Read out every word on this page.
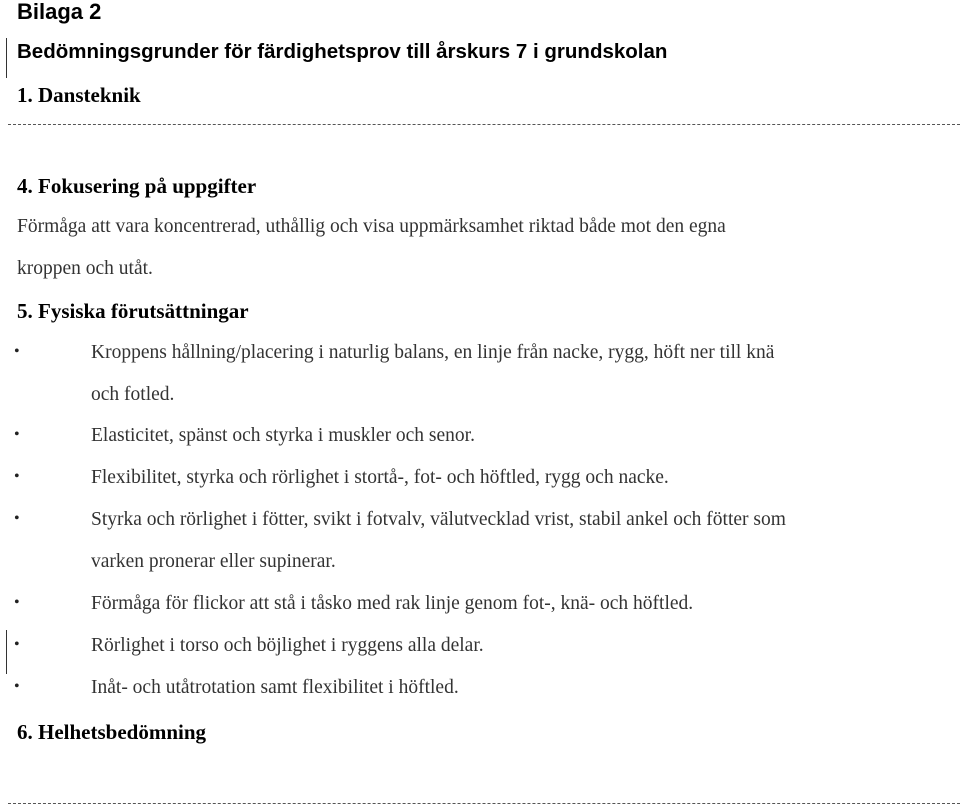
Bilaga 2
Bedömningsgrunder för färdighetsprov till årskurs 7 i grundskolan
1. Dansteknik
4. Fokusering på uppgifter
Förmåga att vara koncentrerad, uthållig och visa uppmärksamhet riktad både mot den egna
kroppen och utåt.
5. Fysiska förutsättningar
•	Kroppens hållning/placering i naturlig balans, en linje från nacke, rygg, höft ner till knä
och fotled.
•	Elasticitet, spänst och styrka i muskler och senor.
•	Flexibilitet, styrka och rörlighet i stortå-, fot- och höftled, rygg och nacke.
•	Styrka och rörlighet i fötter, svikt i fotvalv, välutvecklad vrist, stabil ankel och fötter som
varken pronerar eller supinerar.
•	Förmåga för flickor att stå i tåsko med rak linje genom fot-, knä- och höftled.
•	Rörlighet i torso och böjlighet i ryggens alla delar.
•	Inåt- och utåtrotation samt flexibilitet i höftled.
6. Helhetsbedömning
